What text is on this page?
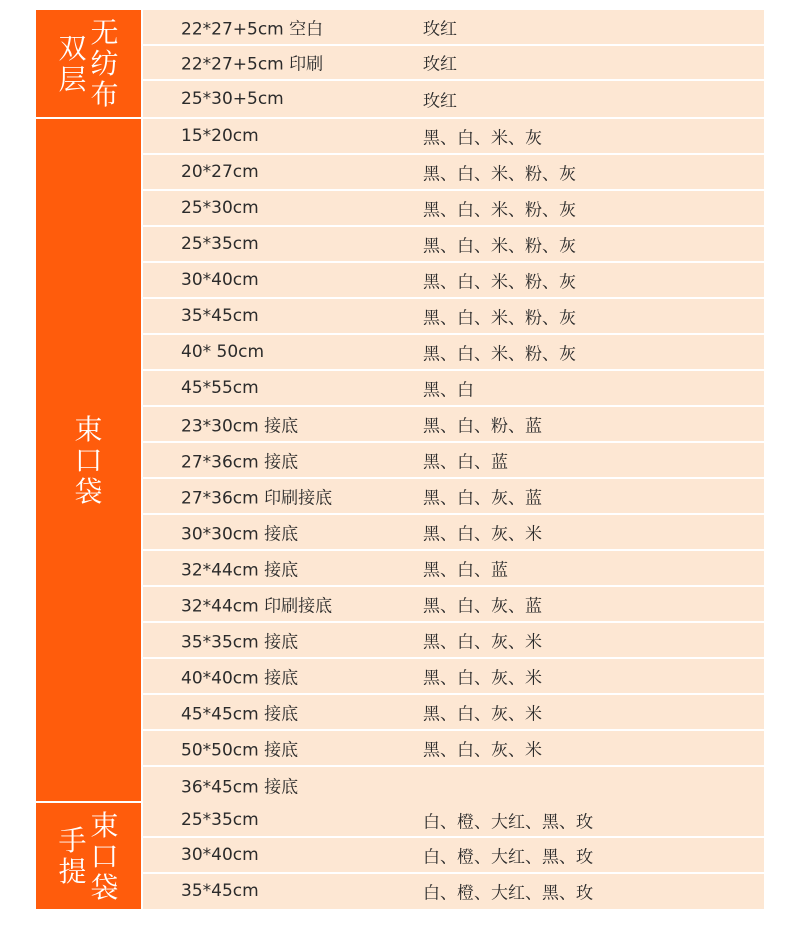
无
纺
布
双
层
22*27+5cm 空白	玫红
22*27+5cm 印刷	玫红
25*30+5cm	玫红
束
口
袋
15*20cm	黑、白、米、灰
20*27cm	黑、白、米、粉、灰
25*30cm	黑、白、米、粉、灰
25*35cm	黑、白、米、粉、灰
30*40cm	黑、白、米、粉、灰
35*45cm	黑、白、米、粉、灰
40* 50cm	黑、白、米、粉、灰
45*55cm	黑、白
23*30cm 接底	黑、白、粉、蓝
27*36cm 接底	黑、白、蓝
27*36cm 印刷接底	黑、白、灰、蓝
30*30cm 接底	黑、白、灰、米
32*44cm 接底	黑、白、蓝
32*44cm 印刷接底	黑、白、灰、蓝
35*35cm 接底	黑、白、灰、米
40*40cm 接底	黑、白、灰、米
45*45cm 接底	黑、白、灰、米
50*50cm 接底	黑、白、灰、米
36*45cm 接底
束
口
袋
手
提
25*35cm	白、橙、大红、黑、玫
30*40cm	白、橙、大红、黑、玫
35*45cm	白、橙、大红、黑、玫
